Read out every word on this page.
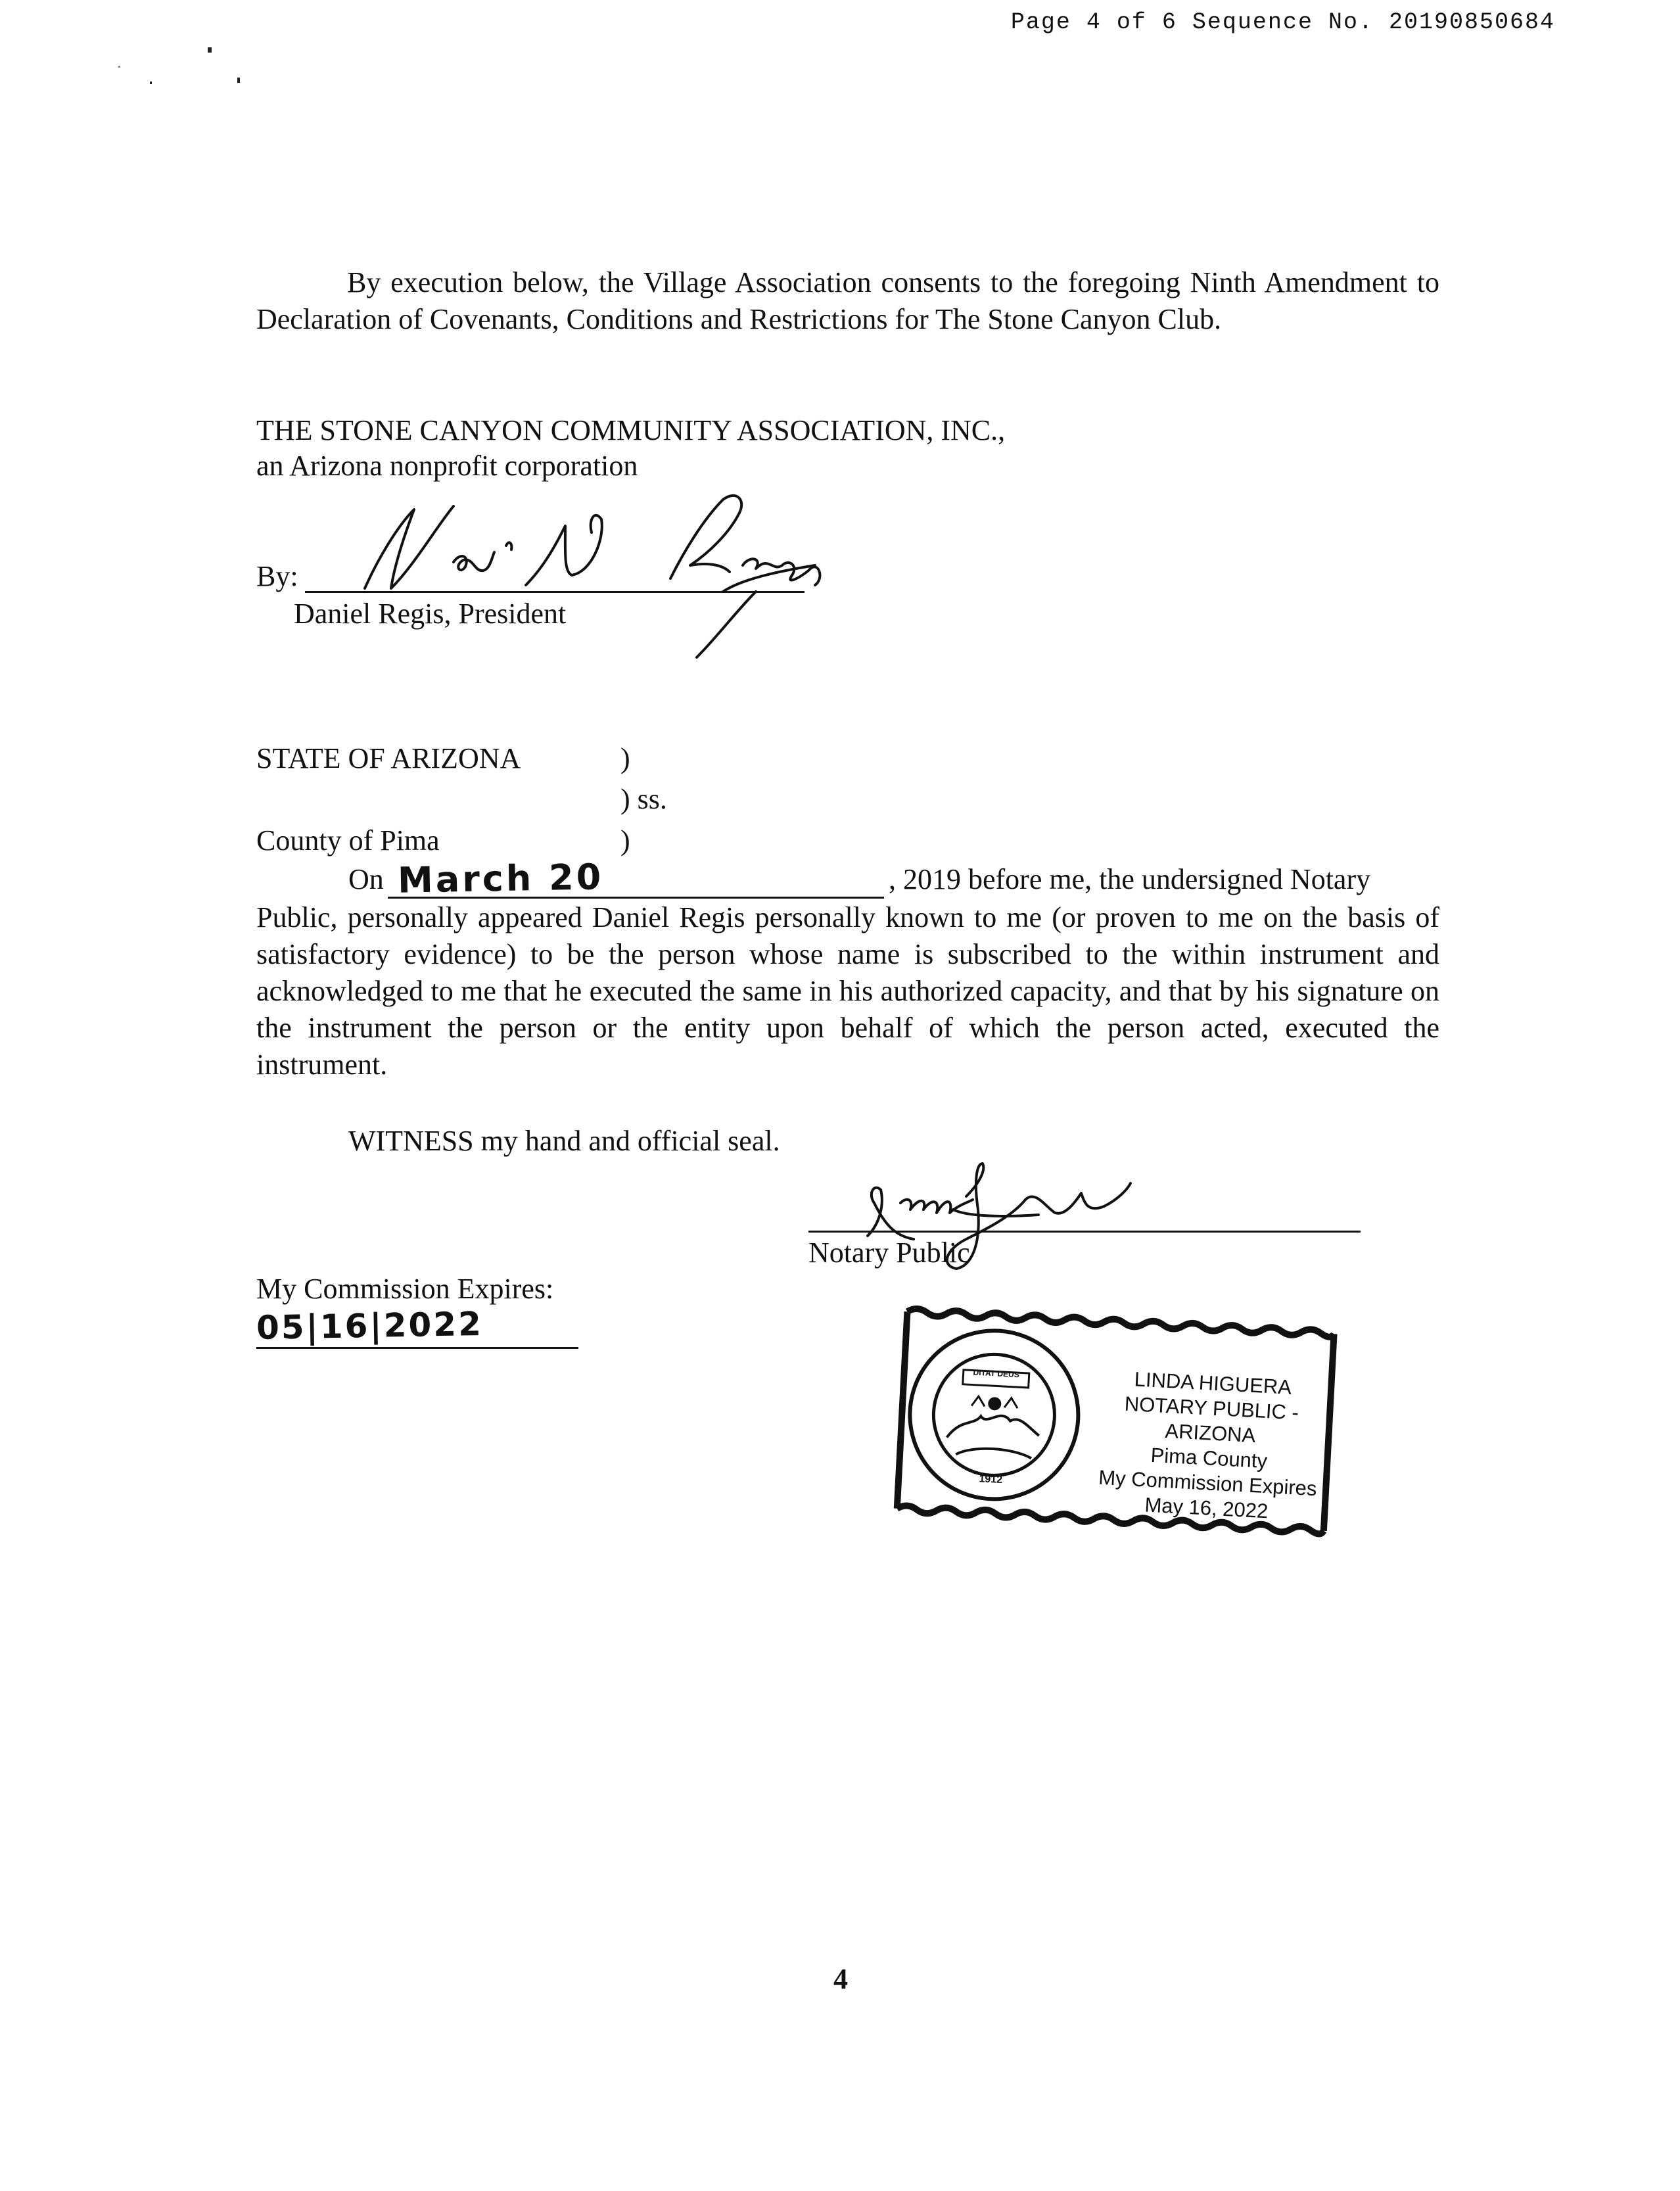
Page 4 of 6 Sequence No. 20190850684
By execution below, the Village Association consents to the foregoing Ninth Amendment to Declaration of Covenants, Conditions and Restrictions for The Stone Canyon Club.
THE STONE CANYON COMMUNITY ASSOCIATION, INC.,
an Arizona nonprofit corporation
By:
Daniel Regis, President
STATE OF ARIZONA	)
) ss.
County of Pima	)
On March 20	, 2019 before me, the undersigned Notary
Public, personally appeared Daniel Regis personally known to me (or proven to me on the basis of satisfactory evidence) to be the person whose name is subscribed to the within instrument and acknowledged to me that he executed the same in his authorized capacity, and that by his signature on the instrument the person or the entity upon behalf of which the person acted, executed the instrument.
WITNESS my hand and official seal.
Notary Public
My Commission Expires:
05|16|2022
DITAT DEUS
1912
LINDA HIGUERA
NOTARY PUBLIC - ARIZONA
Pima County
My Commission Expires
May 16, 2022
4
